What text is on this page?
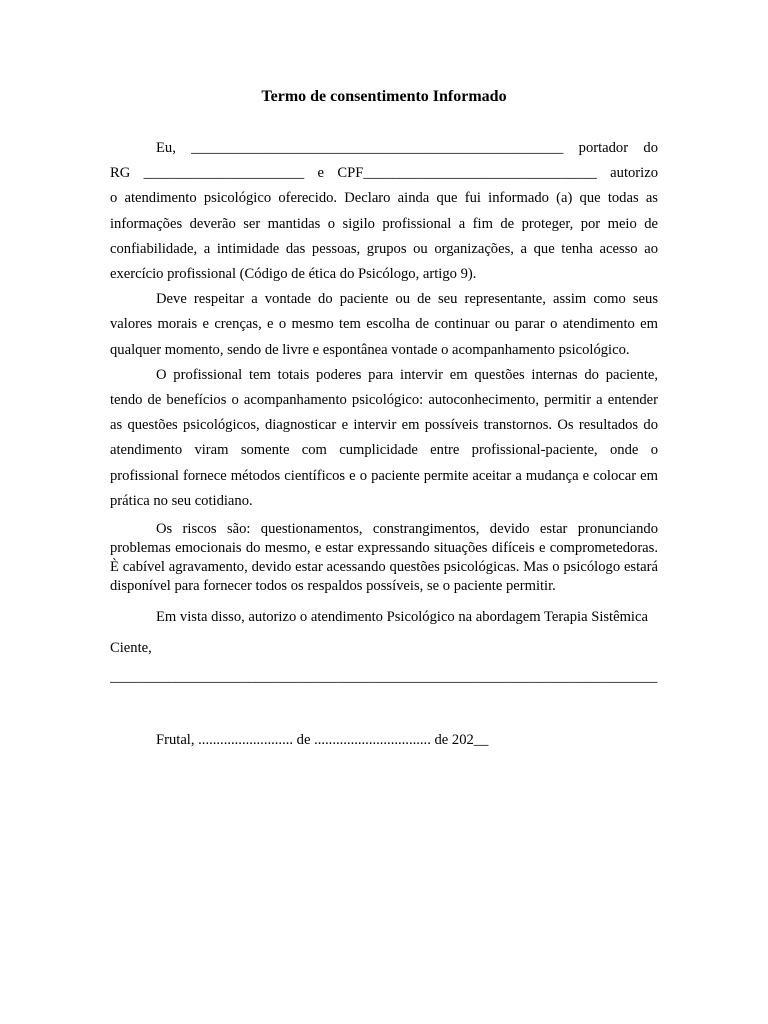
Termo de consentimento Informado
Eu, ___________________________________________________ portador do
RG ______________________ e CPF________________________________ autorizo
o atendimento psicológico oferecido. Declaro ainda que fui informado (a) que todas as informações deverão ser mantidas o sigilo profissional a fim de proteger, por meio de confiabilidade, a intimidade das pessoas, grupos ou organizações, a que tenha acesso ao exercício profissional (Código de ética do Psicólogo, artigo 9).

Deve respeitar a vontade do paciente ou de seu representante, assim como seus valores morais e crenças, e o mesmo tem escolha de continuar ou parar o atendimento em qualquer momento, sendo de livre e espontânea vontade o acompanhamento psicológico.

O profissional tem totais poderes para intervir em questões internas do paciente, tendo de benefícios o acompanhamento psicológico: autoconhecimento, permitir a entender as questões psicológicos, diagnosticar e intervir em possíveis transtornos. Os resultados do atendimento viram somente com cumplicidade entre profissional-paciente, onde o profissional fornece métodos científicos e o paciente permite aceitar a mudança e colocar em prática no seu cotidiano.

Os riscos são: questionamentos, constrangimentos, devido estar pronunciando problemas emocionais do mesmo, e estar expressando situações difíceis e comprometedoras. È cabível agravamento, devido estar acessando questões psicológicas. Mas o psicólogo estará disponível para fornecer todos os respaldos possíveis, se o paciente permitir.

Em vista disso, autorizo o atendimento Psicológico na abordagem Terapia Sistêmica

Ciente,

___________________________________________________________________________
Frutal, .......................... de ................................ de 202__
